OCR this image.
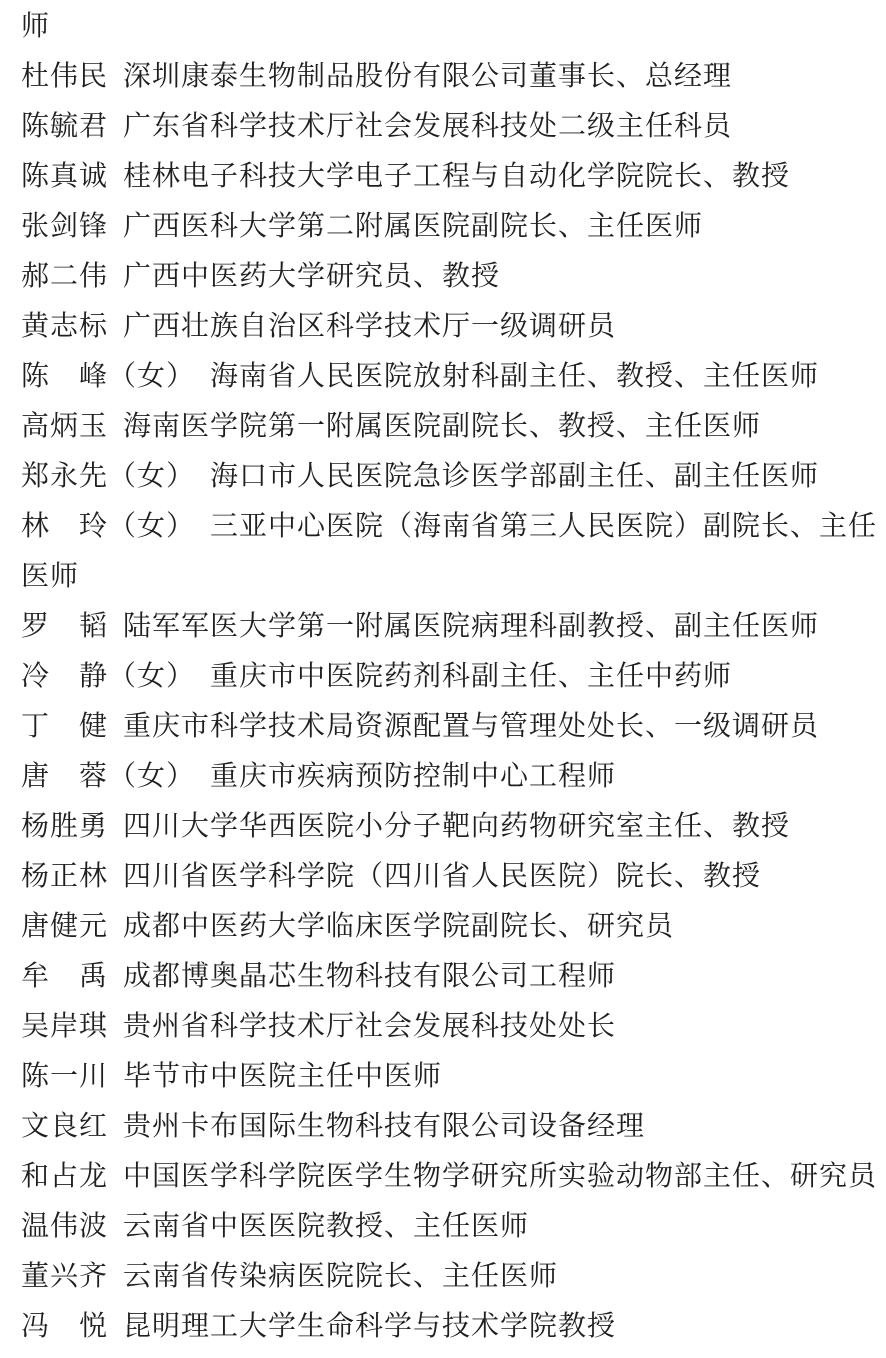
师
杜伟民 深圳康泰生物制品股份有限公司董事长、总经理
陈毓君 广东省科学技术厅社会发展科技处二级主任科员
陈真诚 桂林电子科技大学电子工程与自动化学院院长、教授
张剑锋 广西医科大学第二附属医院副院长、主任医师
郝二伟 广西中医药大学研究员、教授
黄志标 广西壮族自治区科学技术厅一级调研员
陈　峰（女）　海南省人民医院放射科副主任、教授、主任医师
高炳玉 海南医学院第一附属医院副院长、教授、主任医师
郑永先（女）　海口市人民医院急诊医学部副主任、副主任医师
林　玲（女）　三亚中心医院（海南省第三人民医院）副院长、主任
医师
罗　韬 陆军军医大学第一附属医院病理科副教授、副主任医师
冷　静（女）　重庆市中医院药剂科副主任、主任中药师
丁　健 重庆市科学技术局资源配置与管理处处长、一级调研员
唐　蓉（女）　重庆市疾病预防控制中心工程师
杨胜勇 四川大学华西医院小分子靶向药物研究室主任、教授
杨正林 四川省医学科学院（四川省人民医院）院长、教授
唐健元 成都中医药大学临床医学院副院长、研究员
牟　禹 成都博奥晶芯生物科技有限公司工程师
吴岸琪 贵州省科学技术厅社会发展科技处处长
陈一川 毕节市中医院主任中医师
文良红 贵州卡布国际生物科技有限公司设备经理
和占龙 中国医学科学院医学生物学研究所实验动物部主任、研究员
温伟波 云南省中医医院教授、主任医师
董兴齐 云南省传染病医院院长、主任医师
冯　悦 昆明理工大学生命科学与技术学院教授
